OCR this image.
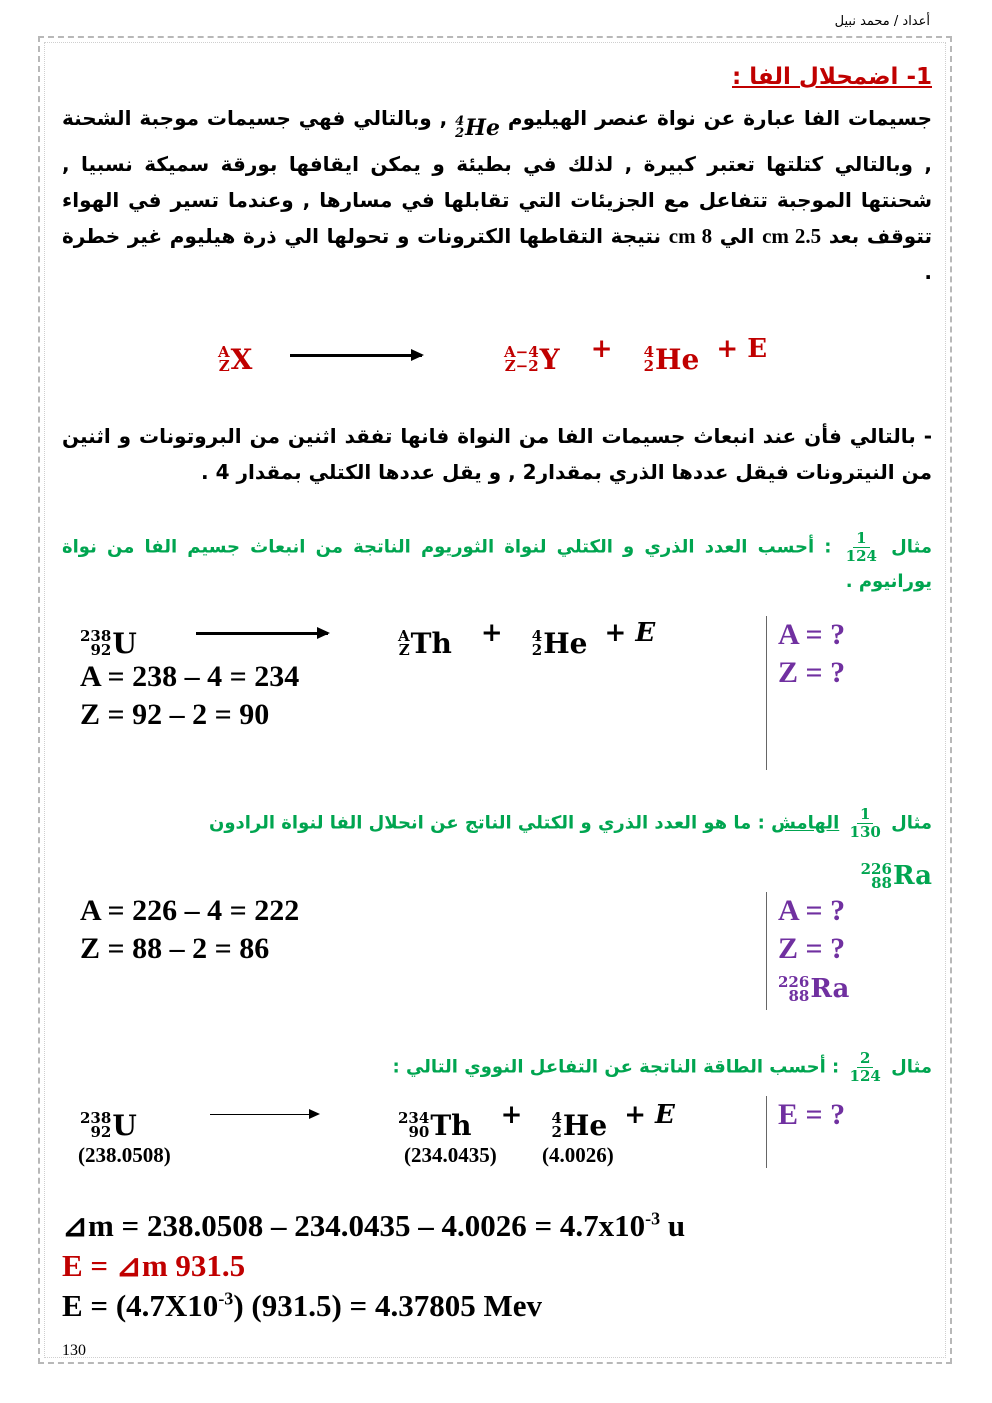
أعداد / محمد نبيل
1- اضمحلال الفا :
جسيمات الفا عبارة عن نواة عنصر الهيليوم
4
2 He
, وبالتالي فهي جسيمات موجبة الشحنة , وبالتالي كتلتها تعتبر كبيرة , لذلك في بطيئة و يمكن ايقافها بورقة سميكة نسبيا , شحنتها الموجبة تتفاعل مع الجزيئات التي تقابلها في مسارها , وعندما تسير في الهواء تتوقف بعد 2.5 cm الي 8 cm نتيجة التقاطها الكترونات و تحولها الي ذرة هيليوم غير خطرة .
A
Z X	A−4
Z−2 Y + 4
2 He + E
- بالتالي فأن عند انبعاث جسيمات الفا من النواة فانها تفقد اثنين من البروتونات و اثنين من النيترونات فيقل عددها الذري بمقدار2 , و يقل عددها الكتلي بمقدار 4 .
مثال
$\frac{1}{124}$
: أحسب العدد الذري و الكتلي لنواة الثوريوم الناتجة من انبعاث جسيم الفا من نواة يورانيوم .
238
92 U	A
Z Th + 4
2 He + E
A = 238 – 4 = 234
Z = 92 – 2 = 90
A = ?
Z = ?
مثال
$\frac{1}{130}$
الهامش : ما هو العدد الذري و الكتلي الناتج عن انحلال الفا لنواة الرادون
226
88 Ra
A = 226 – 4 = 222
Z = 88 – 2 = 86
A = ?
Z = ?
226
88 Ra
مثال
$\frac{2}{124}$
: أحسب الطاقة الناتجة عن التفاعل النووي التالي :
238
92 U	234
90 Th + 4
2 He + E
(238.0508)	(234.0435) (4.0026)
E = ?
⊿m = $238.0508 - 234.0435 - 4.0026 = 4.7x10^{-3}$ u
E = ⊿m 931.5
$E = (4.7X10^{-3}) (931.5) = 4.37805$ Mev
130
